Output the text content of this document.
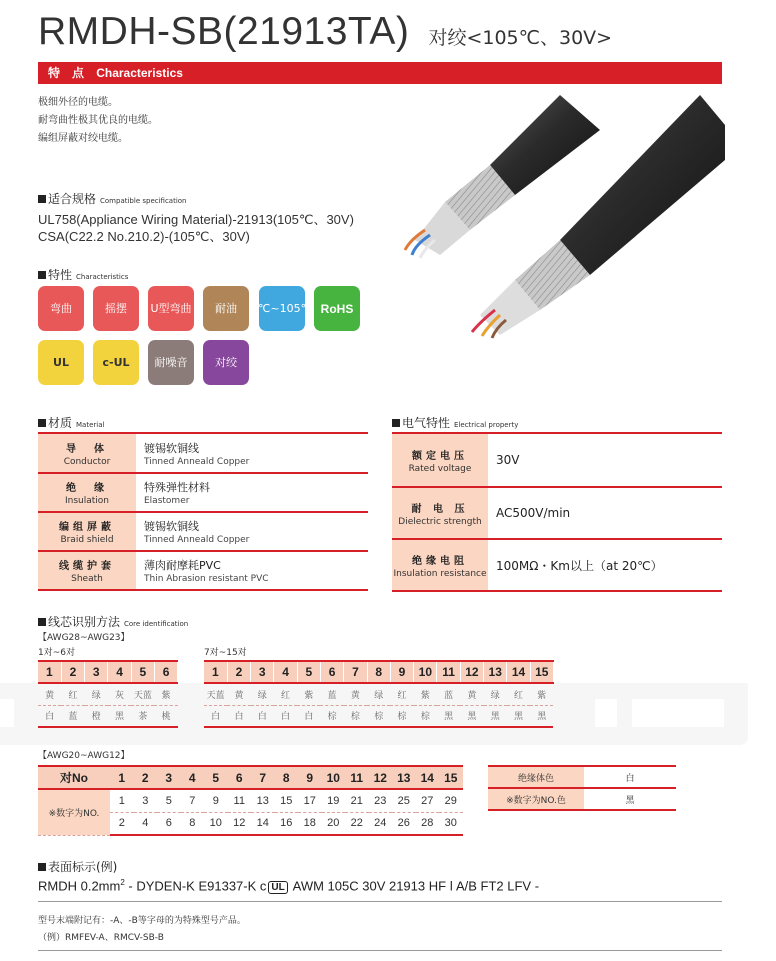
RMDH-SB(21913TA) 对绞<105℃、30V>
特　点 Characteristics
极细外径的电缆。
耐弯曲性极其优良的电缆。
编组屏蔽对绞电缆。
适合规格 Compatible specification
UL758(Appliance Wiring Material)-21913(105℃、30V)
CSA(C22.2 No.210.2)-(105℃、30V)
特性 Characteristics
弯曲	摇摆	U型弯曲	耐油	0℃~105℃ RoHS
UL	c-UL	耐噪音	对绞
材质 Material
导　体
Conductor	镀锡软铜线
Tinned Anneald Copper

绝　缘
Insulation	特殊弹性材料
Elastomer

编组屏蔽
Braid shield	镀锡软铜线
Tinned Anneald Copper

线缆护套
Sheath	薄肉耐摩耗PVC
Thin Abrasion resistant PVC
电气特性 Electrical property
额定电压
Rated voltage	30V

耐 电 压
Dielectric strength	AC500V/min

绝缘电阻
Insulation resistance	100MΩ・Km以上（at 20℃）
线芯识别方法 Core identification
【AWG28~AWG23】
1对~6对	7对~15对
1	2	3	4	5	6
黄	红	绿	灰	天蓝	紫
白	蓝	橙	黑	茶	桃
1	2	3	4	5	6	7	8	9	10	11	12	13	14	15
天蓝	黄	绿	红	紫	蓝	黄	绿	红	紫	蓝	黄	绿	红	紫
白	白	白	白	白	棕	棕	棕	棕	棕	黑	黑	黑	黑	黑
【AWG20~AWG12】
对No	1	2	3	4	5	6	7	8	9	10	11	12	13	14	15
※数字为NO.	1	3	5	7	9	11	13	15	17	19	21	23	25	27	29
	2	4	6	8	10	12	14	16	18	20	22	24	26	28	30
绝缘体色	白
※数字为NO.色	黑
表面标示(例)
RMDH $0.2mm^2$ - DYDEN-K E91337-K c UL AWM 105C 30V 21913 HF ǀ A/B FT2 LFV -
型号末端附记有：-A、-B等字母的为特殊型号产品。
（例）RMFEV-A、RMCV-SB-B
